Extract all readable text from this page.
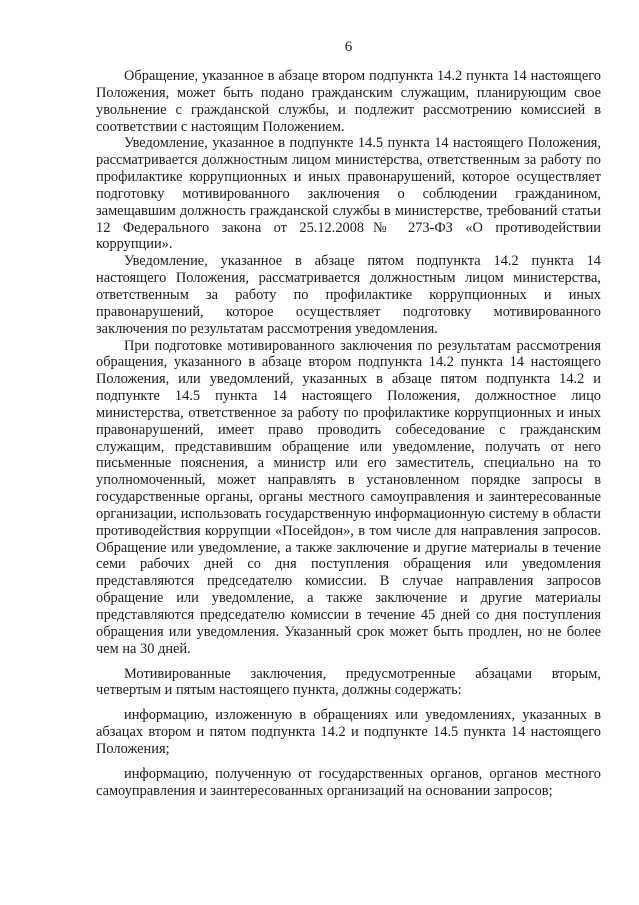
6

Обращение, указанное в абзаце втором подпункта 14.2 пункта 14 настоящего Положения, может быть подано гражданским служащим, планирующим свое увольнение с гражданской службы, и подлежит рассмотрению комиссией в соответствии с настоящим Положением.

Уведомление, указанное в подпункте 14.5 пункта 14 настоящего Положения, рассматривается должностным лицом министерства, ответственным за работу по профилактике коррупционных и иных правонарушений, которое осуществляет подготовку мотивированного заключения о соблюдении гражданином, замещавшим должность гражданской службы в министерстве, требований статьи 12 Федерального закона от 25.12.2008№ 273-ФЗ «О противодействии коррупции».

Уведомление, указанное в абзаце пятом подпункта 14.2 пункта 14 настоящего Положения, рассматривается должностным лицом министерства, ответственным за работу по профилактике коррупционных и иных правонарушений, которое осуществляет подготовку мотивированного заключения по результатам рассмотрения уведомления.

При подготовке мотивированного заключения по результатам рассмотрения обращения, указанного в абзаце втором подпункта 14.2 пункта 14 настоящего Положения, или уведомлений, указанных в абзаце пятом подпункта 14.2 и подпункте 14.5 пункта 14 настоящего Положения, должностное лицо министерства, ответственное за работу по профилактике коррупционных и иных правонарушений, имеет право проводить собеседование с гражданским служащим, представившим обращение или уведомление, получать от него письменные пояснения, а министр или его заместитель, специально на то уполномоченный, может направлять в установленном порядке запросы в государственные органы, органы местного самоуправления и заинтересованные организации, использовать государственную информационную систему в области противодействия коррупции «Посейдон», в том числе для направления запросов. Обращение или уведомление, а также заключение и другие материалы в течение семи рабочих дней со дня поступления обращения или уведомления представляются председателю комиссии. В случае направления запросов обращение или уведомление, а также заключение и другие материалы представляются председателю комиссии в течение 45 дней со дня поступления обращения или уведомления. Указанный срок может быть продлен, но не более чем на 30 дней.

Мотивированные заключения, предусмотренные абзацами вторым, четвертым и пятым настоящего пункта, должны содержать:

информацию, изложенную в обращениях или уведомлениях, указанных в абзацах втором и пятом подпункта 14.2 и подпункте 14.5 пункта 14 настоящего Положения;

информацию, полученную от государственных органов, органов местного самоуправления и заинтересованных организаций на основании запросов;
